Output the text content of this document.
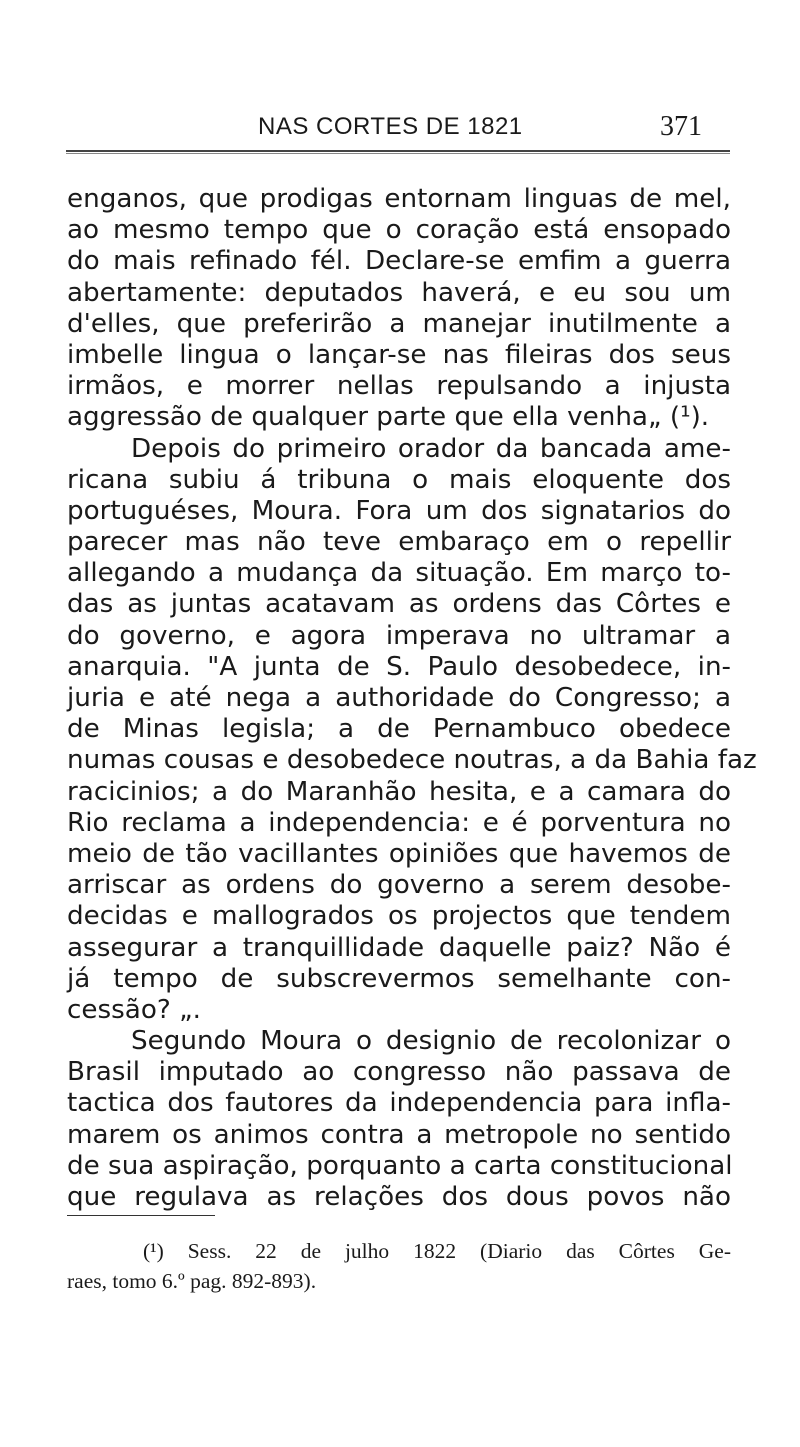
NAS CORTES DE 1821	371
enganos, que prodigas entornam linguas de mel,
ao mesmo tempo que o coração está ensopado
do mais refinado fél. Declare-se emfim a guerra
abertamente: deputados haverá, e eu sou um
d'elles, que preferirão a manejar inutilmente a
imbelle lingua o lançar-se nas fileiras dos seus
irmãos, e morrer nellas repulsando a injusta
aggressão de qualquer parte que ella venha„ (¹).
Depois do primeiro orador da bancada ame-
ricana subiu á tribuna o mais eloquente dos
portuguéses, Moura. Fora um dos signatarios do
parecer mas não teve embaraço em o repellir
allegando a mudança da situação. Em março to-
das as juntas acatavam as ordens das Côrtes e
do governo, e agora imperava no ultramar a
anarquia. "A junta de S. Paulo desobedece, in-
juria e até nega a authoridade do Congresso; a
de Minas legisla; a de Pernambuco obedece
numas cousas e desobedece noutras, a da Bahia faz
racicinios; a do Maranhão hesita, e a camara do
Rio reclama a independencia: e é porventura no
meio de tão vacillantes opiniões que havemos de
arriscar as ordens do governo a serem desobe-
decidas e mallogrados os projectos que tendem
assegurar a tranquillidade daquelle paiz? Não é
já tempo de subscrevermos semelhante con-
cessão? „.
Segundo Moura o designio de recolonizar o
Brasil imputado ao congresso não passava de
tactica dos fautores da independencia para infla-
marem os animos contra a metropole no sentido
de sua aspiração, porquanto a carta constitucional
que regulava as relações dos dous povos não
(¹) Sess. 22 de julho 1822 (Diario das Côrtes Ge-
raes, tomo 6.º pag. 892-893).
